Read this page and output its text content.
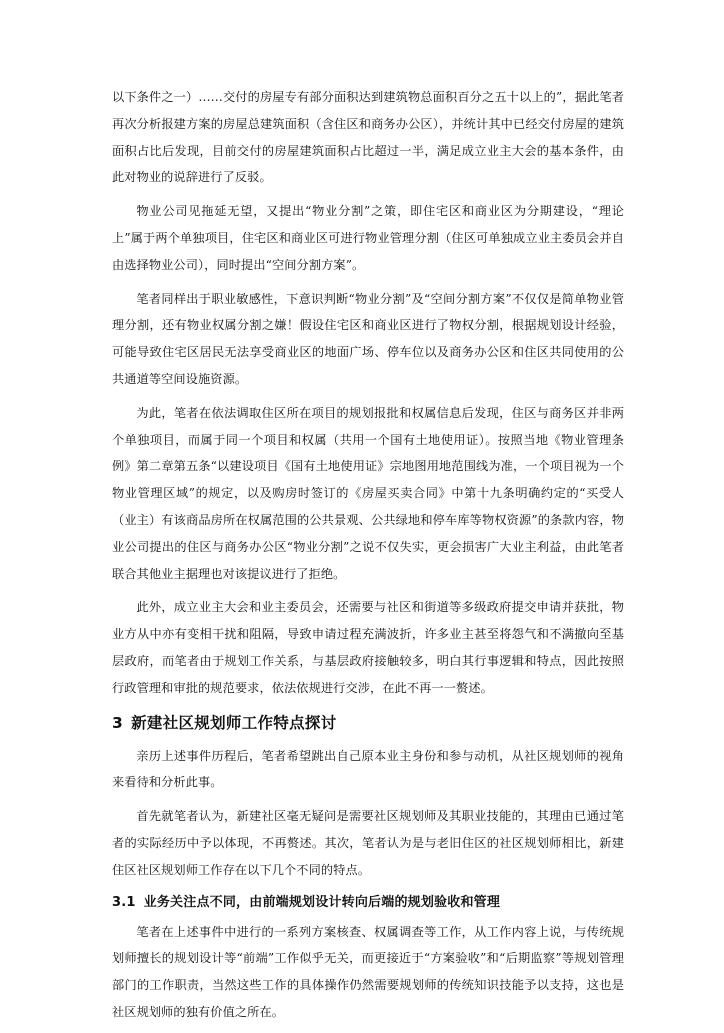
以下条件之一）……交付的房屋专有部分面积达到建筑物总面积百分之五十以上的”，据此笔者再次分析报建方案的房屋总建筑面积（含住区和商务办公区），并统计其中已经交付房屋的建筑面积占比后发现，目前交付的房屋建筑面积占比超过一半，满足成立业主大会的基本条件，由此对物业的说辞进行了反驳。

物业公司见拖延无望，又提出“物业分割”之策，即住宅区和商业区为分期建设，“理论上”属于两个单独项目，住宅区和商业区可进行物业管理分割（住区可单独成立业主委员会并自由选择物业公司），同时提出“空间分割方案”。

笔者同样出于职业敏感性，下意识判断“物业分割”及“空间分割方案”不仅仅是简单物业管理分割，还有物业权属分割之嫌！假设住宅区和商业区进行了物权分割，根据规划设计经验，可能导致住宅区居民无法享受商业区的地面广场、停车位以及商务办公区和住区共同使用的公共通道等空间设施资源。

为此，笔者在依法调取住区所在项目的规划报批和权属信息后发现，住区与商务区并非两个单独项目，而属于同一个项目和权属（共用一个国有土地使用证）。按照当地《物业管理条例》第二章第五条“以建设项目《国有土地使用证》宗地图用地范围线为准，一个项目视为一个物业管理区域”的规定，以及购房时签订的《房屋买卖合同》中第十九条明确约定的“买受人（业主）有该商品房所在权属范围的公共景观、公共绿地和停车库等物权资源”的条款内容，物业公司提出的住区与商务办公区“物业分割”之说不仅失实，更会损害广大业主利益，由此笔者联合其他业主据理也对该提议进行了拒绝。

此外，成立业主大会和业主委员会，还需要与社区和街道等多级政府提交申请并获批，物业方从中亦有变相干扰和阻隔，导致申请过程充满波折，许多业主甚至将怨气和不满撤向至基层政府，而笔者由于规划工作关系，与基层政府接触较多，明白其行事逻辑和特点，因此按照行政管理和审批的规范要求，依法依规进行交涉，在此不再一一赘述。

3 新建社区规划师工作特点探讨

亲历上述事件历程后，笔者希望跳出自己原本业主身份和参与动机，从社区规划师的视角来看待和分析此事。

首先就笔者认为，新建社区毫无疑问是需要社区规划师及其职业技能的，其理由已通过笔者的实际经历中予以体现，不再赘述。其次，笔者认为是与老旧住区的社区规划师相比，新建住区社区规划师工作存在以下几个不同的特点。

3.1 业务关注点不同，由前端规划设计转向后端的规划验收和管理

笔者在上述事件中进行的一系列方案核查、权属调查等工作，从工作内容上说，与传统规划师擅长的规划设计等“前端”工作似乎无关，而更接近于“方案验收”和“后期监察”等规划管理部门的工作职责，当然这些工作的具体操作仍然需要规划师的传统知识技能予以支持，这也是社区规划师的独有价值之所在。
